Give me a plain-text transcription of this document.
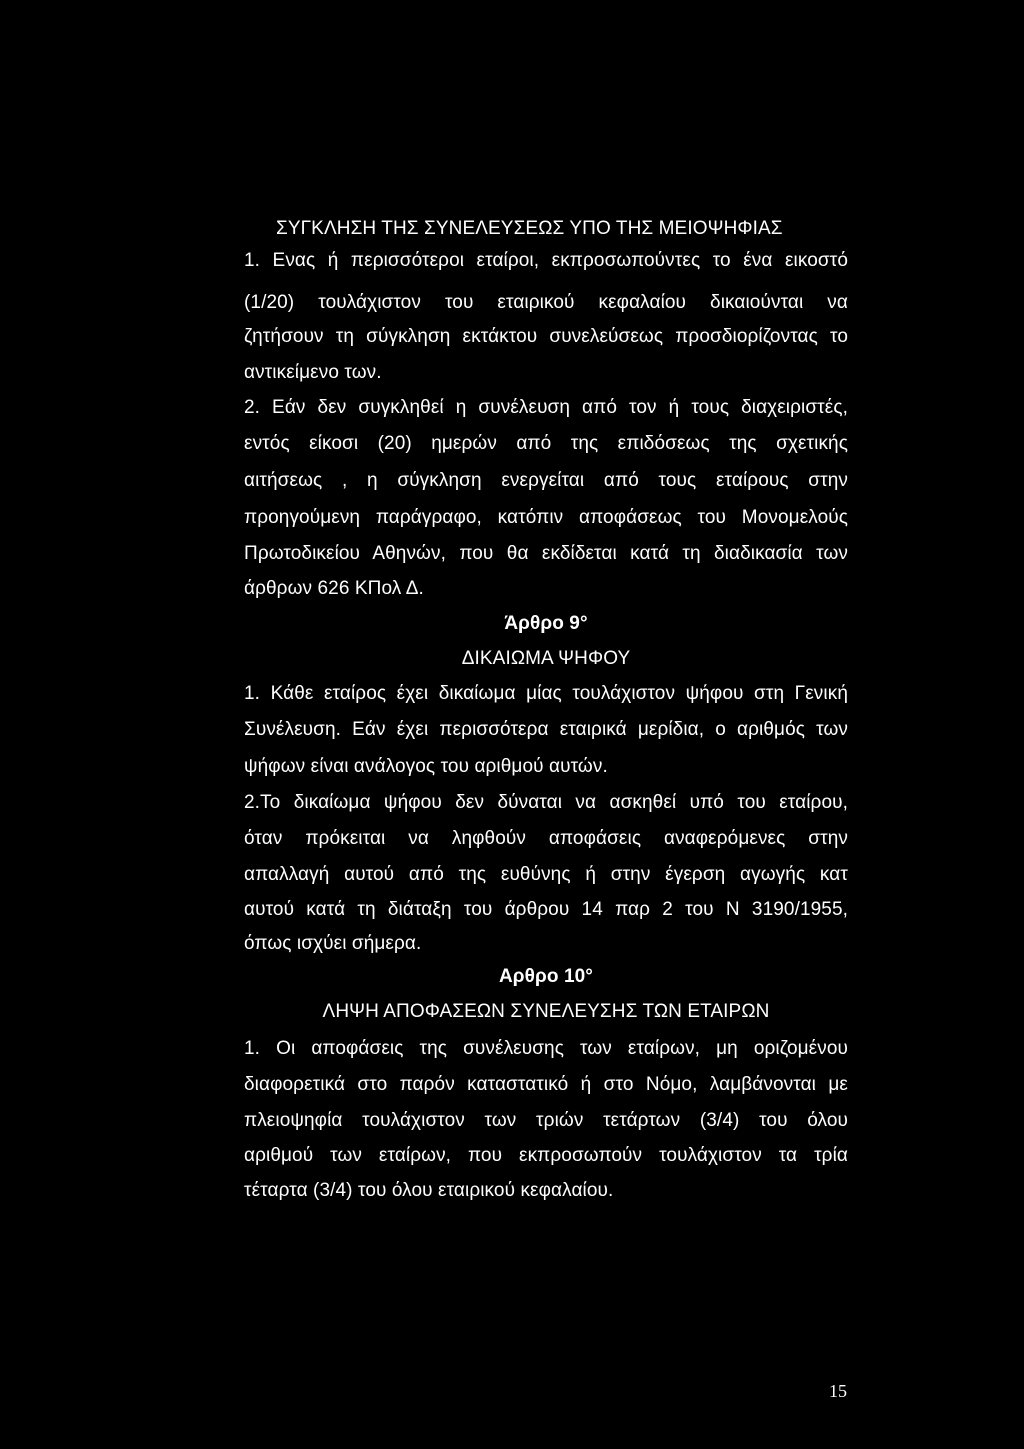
ΣΥΓΚΛΗΣΗ ΤΗΣ ΣΥΝΕΛΕΥΣΕΩΣ ΥΠΟ ΤΗΣ ΜΕΙΟΨΗΦΙΑΣ
1. Ενας ή περισσότεροι εταίροι, εκπροσωπούντες το ένα εικοστό
(1/20) τουλάχιστον του εταιρικού κεφαλαίου δικαιούνται να
ζητήσουν τη σύγκληση εκτάκτου συνελεύσεως προσδιορίζοντας το
αντικείμενο των.
2. Εάν δεν συγκληθεί η συνέλευση από τον ή τους διαχειριστές,
εντός είκοσι (20) ημερών από της επιδόσεως της σχετικής
αιτήσεως , η σύγκληση ενεργείται από τους εταίρους στην
προηγούμενη παράγραφο, κατόπιν αποφάσεως του Μονομελούς
Πρωτοδικείου Αθηνών, που θα εκδίδεται κατά τη διαδικασία των
άρθρων 626 ΚΠολ Δ.
Άρθρο 9°
ΔΙΚΑΙΩΜΑ ΨΗΦΟΥ
1. Κάθε εταίρος έχει δικαίωμα μίας τουλάχιστον ψήφου στη Γενική
Συνέλευση. Εάν έχει περισσότερα εταιρικά μερίδια, ο αριθμός των
ψήφων είναι ανάλογος του αριθμού αυτών.
2.Το δικαίωμα ψήφου δεν δύναται να ασκηθεί υπό του εταίρου,
όταν πρόκειται να ληφθούν αποφάσεις αναφερόμενες στην
απαλλαγή αυτού από της ευθύνης ή στην έγερση αγωγής κατ
αυτού κατά τη διάταξη του άρθρου 14 παρ 2 του Ν 3190/1955,
όπως ισχύει σήμερα.
Αρθρο 10°
ΛΗΨΗ ΑΠΟΦΑΣΕΩΝ ΣΥΝΕΛΕΥΣΗΣ ΤΩΝ ΕΤΑΙΡΩΝ
1. Οι αποφάσεις της συνέλευσης των εταίρων, μη οριζομένου
διαφορετικά στο παρόν καταστατικό ή στο Νόμο, λαμβάνονται με
πλειοψηφία τουλάχιστον των τριών τετάρτων (3/4) του όλου
αριθμού των εταίρων, που εκπροσωπούν τουλάχιστον τα τρία
τέταρτα (3/4) του όλου εταιρικού κεφαλαίου.
15
